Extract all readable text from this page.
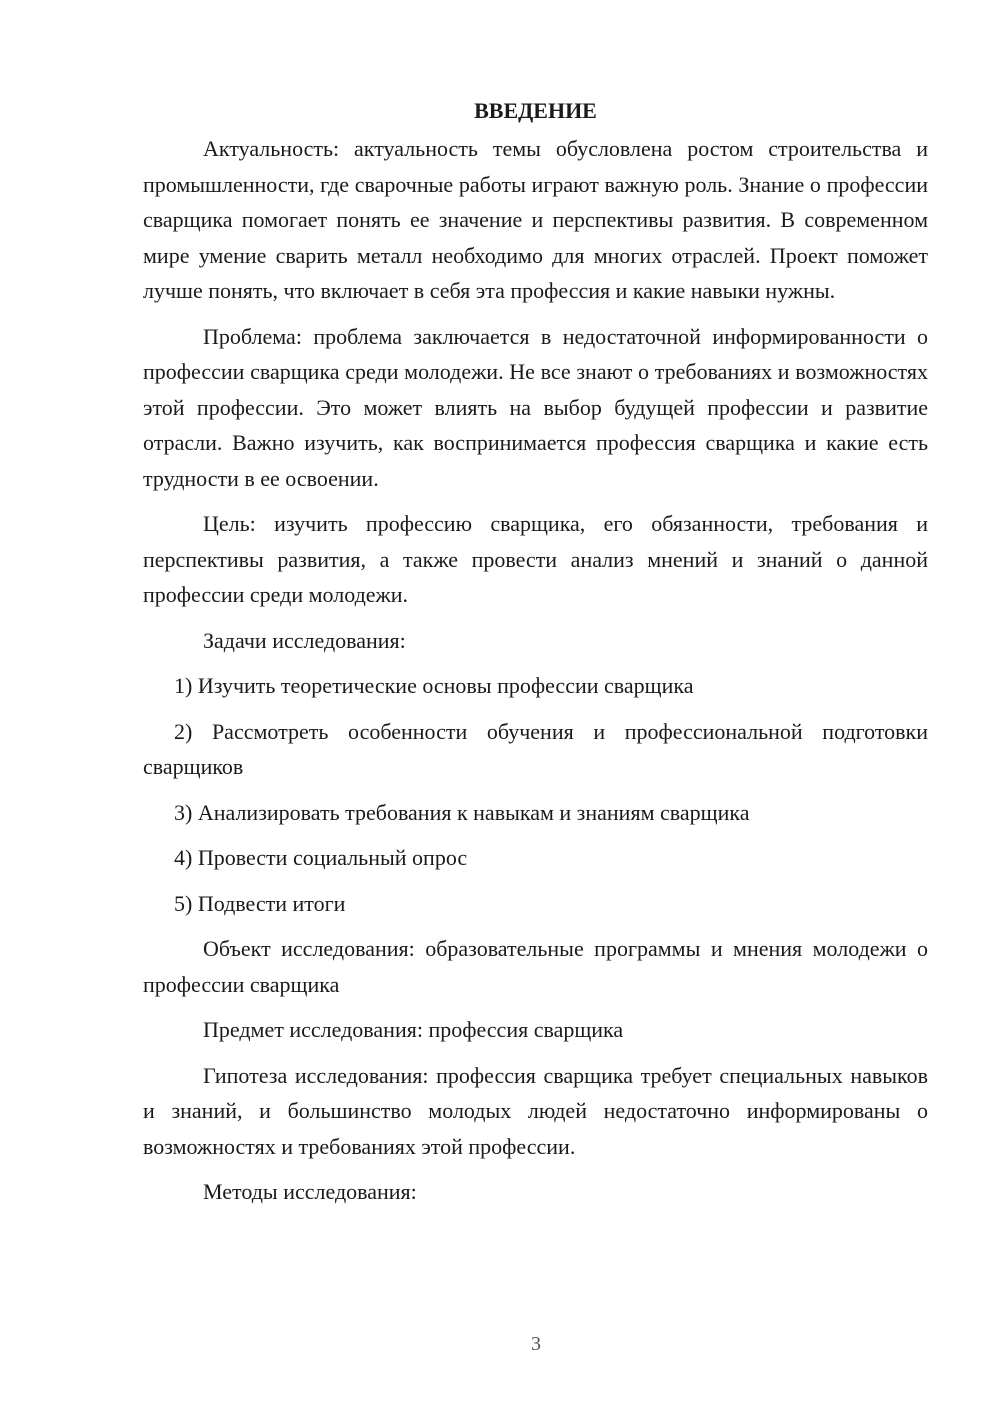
ВВЕДЕНИЕ

Актуальность: актуальность темы обусловлена ростом строительства и промышленности, где сварочные работы играют важную роль. Знание о профессии сварщика помогает понять ее значение и перспективы развития. В современном мире умение сварить металл необходимо для многих отраслей. Проект поможет лучше понять, что включает в себя эта профессия и какие навыки нужны.

Проблема: проблема заключается в недостаточной информированности о профессии сварщика среди молодежи. Не все знают о требованиях и возможностях этой профессии. Это может влиять на выбор будущей профессии и развитие отрасли. Важно изучить, как воспринимается профессия сварщика и какие есть трудности в ее освоении.

Цель: изучить профессию сварщика, его обязанности, требования и перспективы развития, а также провести анализ мнений и знаний о данной профессии среди молодежи.

Задачи исследования:

1) Изучить теоретические основы профессии сварщика

2) Рассмотреть особенности обучения и профессиональной подготовки сварщиков

3) Анализировать требования к навыкам и знаниям сварщика

4) Провести социальный опрос

5) Подвести итоги

Объект исследования: образовательные программы и мнения молодежи о профессии сварщика

Предмет исследования: профессия сварщика

Гипотеза исследования: профессия сварщика требует специальных навыков и знаний, и большинство молодых людей недостаточно информированы о возможностях и требованиях этой профессии.

Методы исследования:

3
